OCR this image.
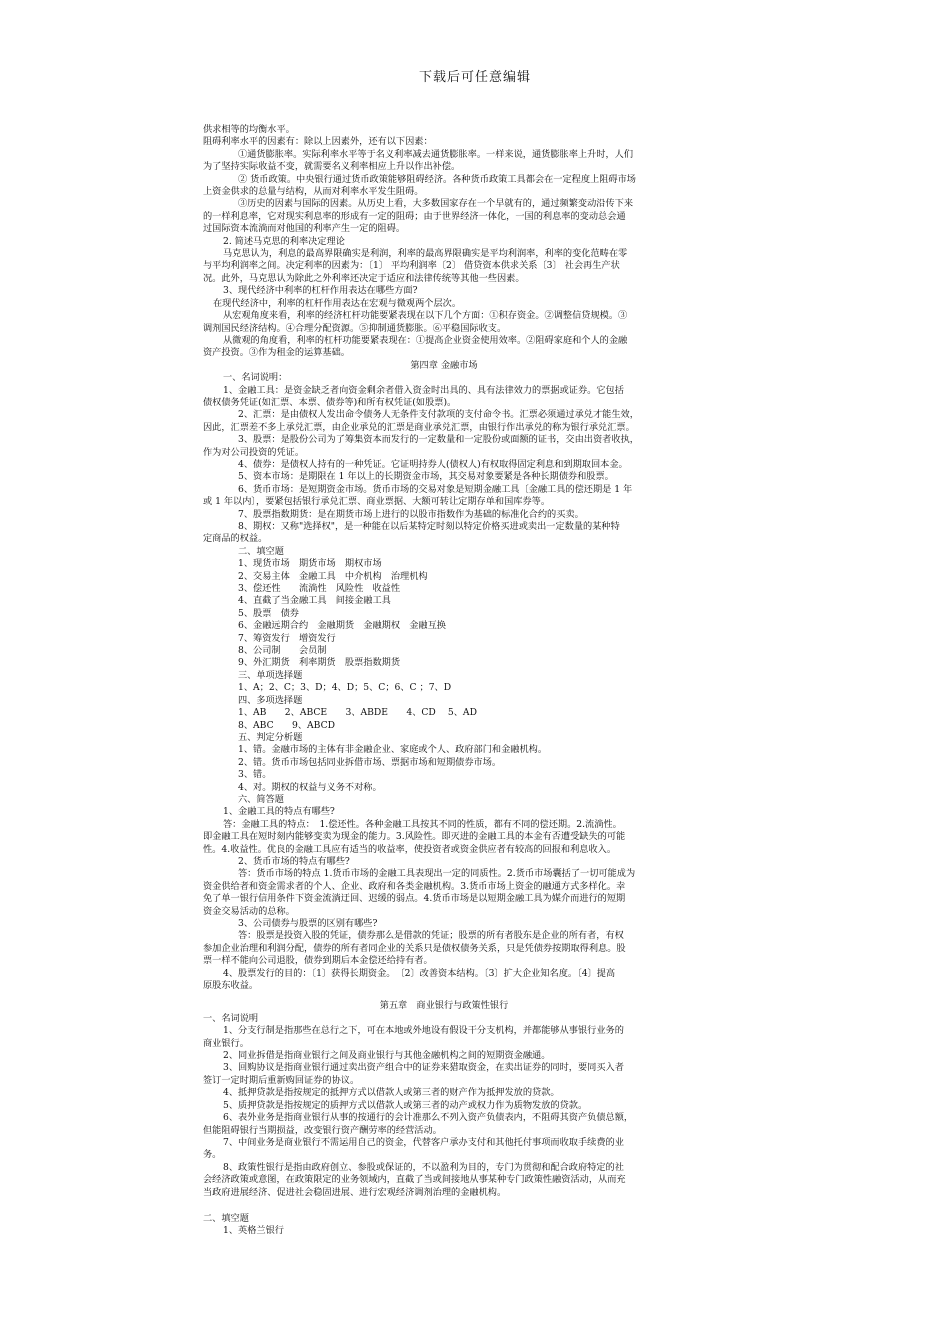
下载后可任意编辑
供求相等的均衡水平。
阻碍利率水平的因素有：除以上因素外，还有以下因素：
①通货膨胀率。实际利率水平等于名义利率减去通货膨胀率。一样来说，通货膨胀率上升时，人们
为了坚持实际收益不变，就需要名义利率相应上升以作出补偿。
② 货币政策。中央银行通过货币政策能够阻碍经济。各种货币政策工具都会在一定程度上阻碍市场
上资金供求的总量与结构，从而对利率水平发生阻碍。
③历史的因素与国际的因素。从历史上看，大多数国家存在一个早就有的，通过频繁变动沿传下来
的一样利息率，它对现实利息率的形成有一定的阻碍；由于世界经济一体化，一国的利息率的变动总会通
过国际资本流淌而对他国的利率产生一定的阻碍。
2. 简述马克思的利率决定理论
马克思认为，利息的最高界限确实是利润，利率的最高界限确实是平均利润率，利率的变化范畴在零
与平均利润率之间。决定利率的因素为：〔1〕 平均利润率〔2〕 借贷资本供求关系〔3〕 社会再生产状
况。此外，马克思认为除此之外利率还决定于适应和法律传统等其他一些因素。
3、现代经济中利率的杠杆作用表达在哪些方面?
在现代经济中，利率的杠杆作用表达在宏观与微观两个层次。
从宏观角度来看，利率的经济杠杆功能要紧表现在以下几个方面：①积存资金。②调整信贷规模。③
调剂国民经济结构。④合理分配资源。⑤抑制通货膨胀。⑥平稳国际收支。
从微观的角度看，利率的杠杆功能要紧表现在：①提高企业资金使用效率。②阻碍家庭和个人的金融
资产投资。③作为租金的运算基础。
第四章 金融市场
一、名词说明：
1、金融工具：是资金缺乏者向资金剩余者借入资金时出具的、具有法律效力的票据或证券。它包括
债权债务凭证(如汇票、本票、债券等)和所有权凭证(如股票)。
2、汇票：是由债权人发出命令债务人无条件支付款项的支付命令书。汇票必须通过承兑才能生效，
因此，汇票差不多上承兑汇票，由企业承兑的汇票是商业承兑汇票，由银行作出承兑的称为银行承兑汇票。
3、股票：是股份公司为了筹集资本而发行的一定数量和一定股份或面额的证书，交由出资者收执，
作为对公司投资的凭证。
4、债券：是债权人持有的一种凭证。它证明持券人(债权人)有权取得固定利息和到期取回本金。
5、资本市场：是期限在 1 年以上的长期资金市场，其交易对象要紧是各种长期债券和股票。
6、货币市场：是短期资金市场。货币市场的交易对象是短期金融工具〔金融工具的偿还期是 1 年
或 1 年以内〕，要紧包括银行承兑汇票、商业票据、大额可转让定期存单和国库券等。
7、股票指数期货：是在期货市场上进行的以股市指数作为基础的标准化合约的买卖。
8、期权：又称"选择权"，是一种能在以后某特定时刻以特定价格买进或卖出一定数量的某种特
定商品的权益。
二、填空题
1、现货市场　期货市场　期权市场
2、交易主体　金融工具　中介机构　治理机构
3、偿还性　　流淌性　风险性　收益性
4、直截了当金融工具　间接金融工具
5、股票　债券
6、金融远期合约　金融期货　金融期权　金融互换
7、筹资发行　增资发行
8、公司制　　会员制
9、外汇期货　利率期货　股票指数期货
三、单项选择题
1、A；2、C；3、D；4、D；5、C；6、C ；7、D
四、多项选择题
1、AB　　2、ABCE　　3、ABDE　　4、CD　 5、AD
8、ABC　　9、ABCD
五、判定分析题
1、错。金融市场的主体有非金融企业、家庭或个人、政府部门和金融机构。
2、错。货币市场包括同业拆借市场、票据市场和短期债券市场。
3、错。
4、对。期权的权益与义务不对称。
六、简答题
1、金融工具的特点有哪些?
答：金融工具的特点：　1.偿还性。各种金融工具按其不同的性质，都有不同的偿还期。2.流淌性。
即金融工具在短时刻内能够变卖为现金的能力。3.风险性。即灭进的金融工具的本金有否遭受缺失的可能
性。4.收益性。优良的金融工具应有适当的收益率，使投资者或资金供应者有较高的回报和利息收入。
2、货币市场的特点有哪些?
答：货币市场的特点 1.货币市场的金融工具表现出一定的同质性。2.货币市场囊括了一切可能成为
资金供给者和资金需求者的个人、企业、政府和各类金融机构。3.货币市场上资金的融通方式多样化。幸
免了单一银行信用条件下资金流淌迂回、迟缓的弱点。4.货币市场是以短期金融工具为媒介而进行的短期
资金交易活动的总称。
3、公司债券与股票的区别有哪些?
答：股票是投资入股的凭证，债券那么是借款的凭证；股票的所有者股东是企业的所有者，有权
参加企业治理和利润分配，债券的所有者同企业的关系只是债权债务关系，只是凭债券按期取得利息。股
票一样不能向公司退股，债券到期后本金偿还给持有者。
4、股票发行的目的：〔1〕获得长期资金。　〔2〕改善资本结构。〔3〕扩大企业知名度。〔4〕提高
原股东收益。
第五章　商业银行与政策性银行
一、名词说明
1、分支行制是指那些在总行之下，可在本地或外地设有假设干分支机构，并都能够从事银行业务的
商业银行。
2、同业拆借是指商业银行之间及商业银行与其他金融机构之间的短期资金融通。
3、回购协议是指商业银行通过卖出资产组合中的证券来猎取资金，在卖出证券的同时，要同买入者
签订一定时期后重新购回证券的协议。
4、抵押贷款是指按规定的抵押方式以借款人或第三者的财产作为抵押发放的贷款。
5、质押贷款是指按规定的质押方式以借款人或第三者的动产或权力作为质物发放的贷款。
6、表外业务是指商业银行从事的按通行的会计准那么不列入资产负债表内，不阻碍其资产负债总额，
但能阻碍银行当期损益，改变银行资产酬劳率的经营活动。
7、中间业务是商业银行不需运用自己的资金，代替客户承办支付和其他托付事项而收取手续费的业
务。
8、政策性银行是指由政府创立、参股或保证的，不以盈利为目的，专门为贯彻和配合政府特定的社
会经济政策或意图，在政策限定的业务领域内，直截了当或间接地从事某种专门政策性融资活动，从而充
当政府进展经济、促进社会稳固进展、进行宏观经济调剂治理的金融机构。
二、填空题
1、英格兰银行
